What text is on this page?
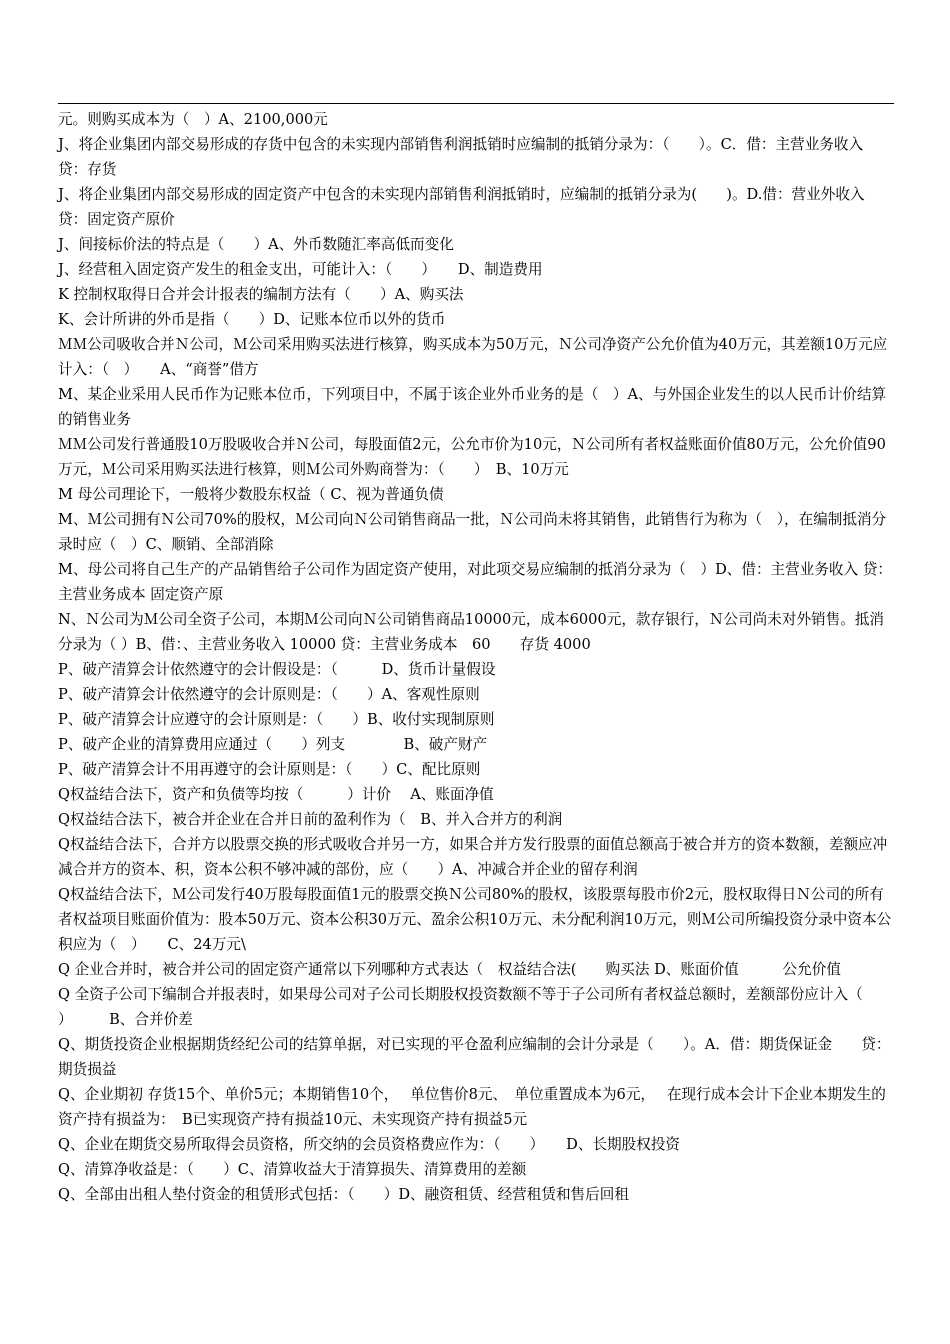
元。则购买成本为（　）A、2100,000元

J、将企业集团内部交易形成的存货中包含的未实现内部销售利润抵销时应编制的抵销分录为：（　　）。C．借：主营业务收入　 贷：存货

J、将企业集团内部交易形成的固定资产中包含的未实现内部销售利润抵销时，应编制的抵销分录为(　　)。D.借：营业外收入 贷：固定资产原价

J、间接标价法的特点是（　　）A、外币数随汇率高低而变化

J、经营租入固定资产发生的租金支出，可能计入：（　　）　　D、制造费用

K 控制权取得日合并会计报表的编制方法有（　　）A、购买法

K、会计所讲的外币是指（　　）D、记账本位币以外的货币

ＭＭ公司吸收合并Ｎ公司，Ｍ公司采用购买法进行核算，购买成本为50万元，Ｎ公司净资产公允价值为40万元，其差额10万元应计入：（　）　　A、“商誉”借方

M、某企业采用人民币作为记账本位币，下列项目中，不属于该企业外币业务的是（　）A、与外国企业发生的以人民币计价结算的销售业务

ＭＭ公司发行普通股10万股吸收合并Ｎ公司，每股面值2元，公允市价为10元，Ｎ公司所有者权益账面价值80万元，公允价值90万元，Ｍ公司采用购买法进行核算，则Ｍ公司外购商誉为：（　　）　B、10万元

M 母公司理论下，一般将少数股东权益（ C、视为普通负债

M、Ｍ公司拥有Ｎ公司70%的股权，Ｍ公司向Ｎ公司销售商品一批，Ｎ公司尚未将其销售，此销售行为称为（　），在编制抵消分录时应（　）C、顺销、全部消除

M、母公司将自己生产的产品销售给子公司作为固定资产使用，对此项交易应编制的抵消分录为（　）D、借：主营业务收入 贷：主营业务成本 固定资产原

N、Ｎ公司为Ｍ公司全资子公司，本期Ｍ公司向Ｎ公司销售商品10000元，成本6000元，款存银行，Ｎ公司尚未对外销售。抵消分录为（ ）B、借：、主营业务收入 10000 贷：主营业务成本　60　　存货 4000

P、破产清算会计依然遵守的会计假设是：（　　　D、货币计量假设

P、破产清算会计依然遵守的会计原则是：（　　）A、客观性原则

P、破产清算会计应遵守的会计原则是：（　　）B、收付实现制原则

P、破产企业的清算费用应通过（　　）列支　　　　B、破产财产

P、破产清算会计不用再遵守的会计原则是：（　　）C、配比原则

Q权益结合法下，资产和负债等均按（　　　）计价　 A、账面净值

Q权益结合法下，被合并企业在合并日前的盈利作为（　B、并入合并方的利润

Q权益结合法下，合并方以股票交换的形式吸收合并另一方，如果合并方发行股票的面值总额高于被合并方的资本数额，差额应冲减合并方的资本、积，资本公积不够冲减的部份，应（　　）A、冲减合并企业的留存利润

Q权益结合法下，Ｍ公司发行40万股每股面值1元的股票交换Ｎ公司80%的股权，该股票每股市价2元，股权取得日Ｎ公司的所有者权益项目账面价值为：股本50万元、资本公积30万元、盈余公积10万元、未分配利润10万元，则Ｍ公司所编投资分录中资本公积应为（　）　　C、24万元\

Q 企业合并时，被合并公司的固定资产通常以下列哪种方式表达（　权益结合法(　　购买法 D、账面价值　　　公允价值

Q 全资子公司下编制合并报表时，如果母公司对子公司长期股权投资数额不等于子公司所有者权益总额时，差额部份应计入（　　）　　　B、合并价差

Q、期货投资企业根据期货经纪公司的结算单据，对已实现的平仓盈利应编制的会计分录是（　　）。A．借：期货保证金　　贷：期货损益

Q、企业期初 存货15个、单价5元；本期销售10个，　 单位售价8元、　单位重置成本为6元，　 在现行成本会计下企业本期发生的资产持有损益为：　B已实现资产持有损益10元、未实现资产持有损益5元

Q、企业在期货交易所取得会员资格，所交纳的会员资格费应作为：（　　）　　D、长期股权投资

Q、清算净收益是：（　　）C、清算收益大于清算损失、清算费用的差额

Q、全部由出租人垫付资金的租赁形式包括：（　　）D、融资租赁、经营租赁和售后回租
